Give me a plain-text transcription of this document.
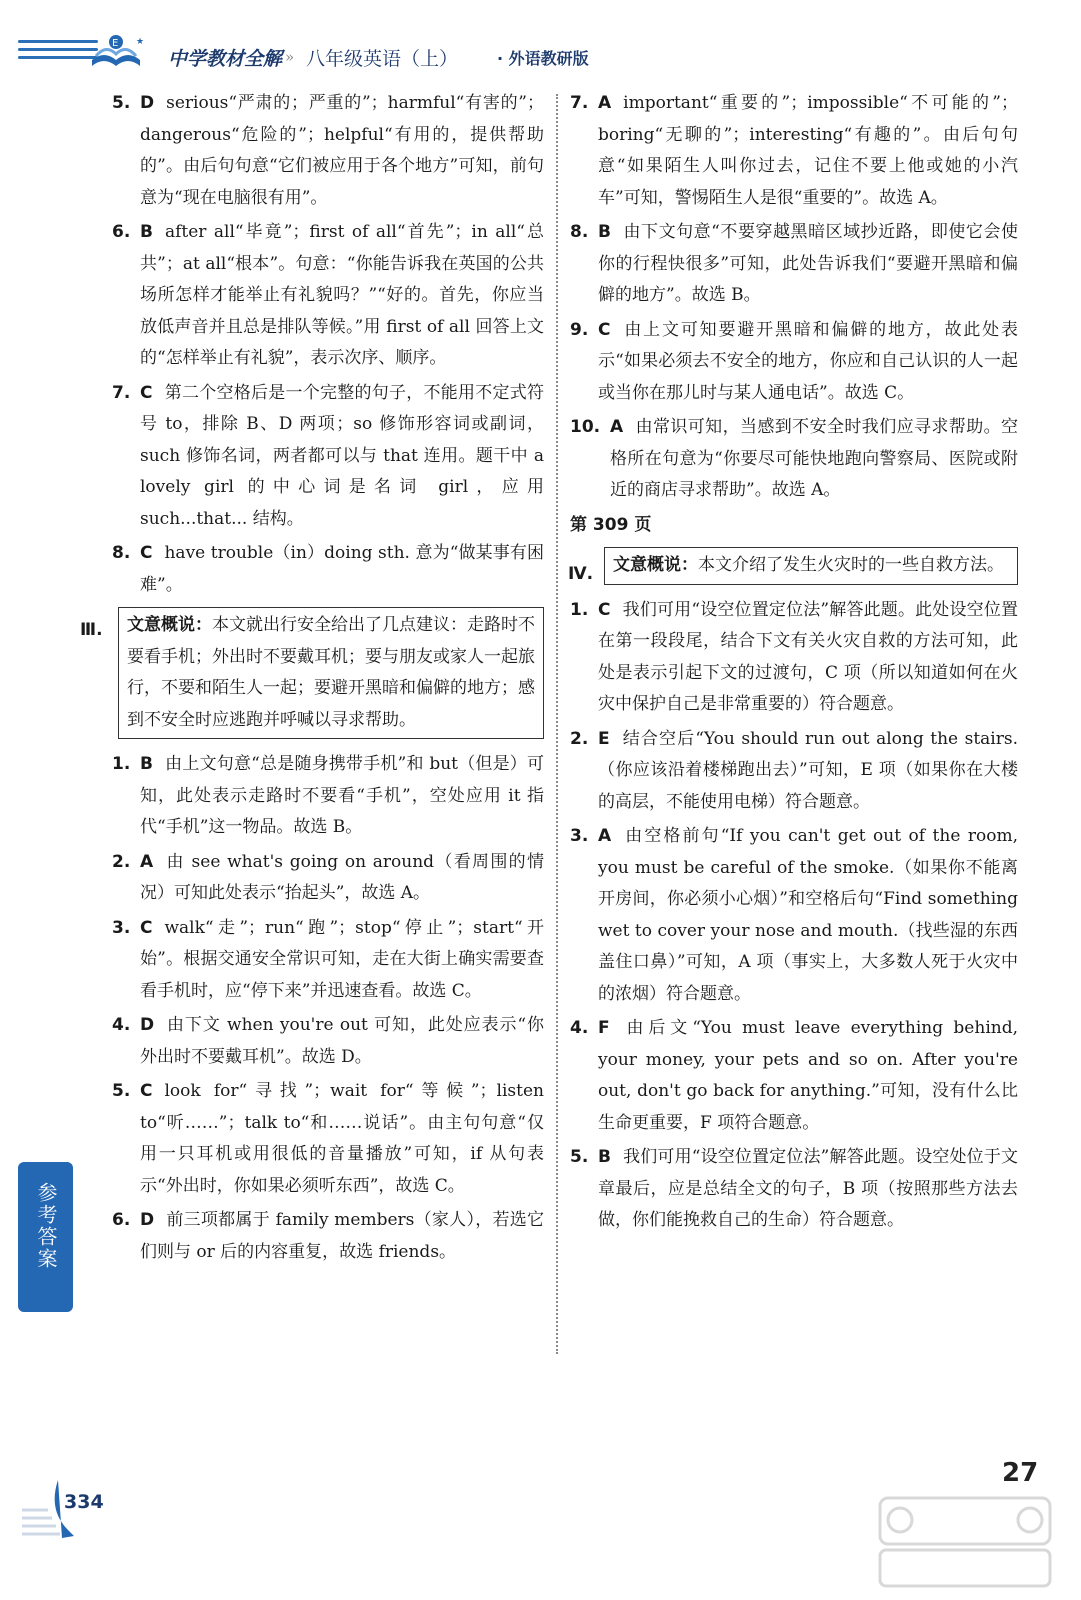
E ★
中学教材全解 » 八年级英语（上） · 外语教研版
5. D serious“严肃的；严重的”；harmful“有害的”；dangerous“危险的”；helpful“有用的，提供帮助的”。由后句句意“它们被应用于各个地方”可知，前句意为“现在电脑很有用”。
6. B after all“毕竟”；first of all“首先”；in all“总共”；at all“根本”。句意：“你能告诉我在英国的公共场所怎样才能举止有礼貌吗？”“好的。首先，你应当放低声音并且总是排队等候。”用 first of all 回答上文的“怎样举止有礼貌”，表示次序、顺序。
7. C 第二个空格后是一个完整的句子，不能用不定式符号 to，排除 B、D 两项；so 修饰形容词或副词，such 修饰名词，两者都可以与 that 连用。题干中 a lovely girl 的中心词是名词 girl，应用 such...that... 结构。
8. C have trouble（in）doing sth. 意为“做某事有困难”。
Ⅲ.	文意概说：本文就出行安全给出了几点建议：走路时不要看手机；外出时不要戴耳机；要与朋友或家人一起旅行，不要和陌生人一起；要避开黑暗和偏僻的地方；感到不安全时应逃跑并呼喊以寻求帮助。
1. B 由上文句意“总是随身携带手机”和 but（但是）可知，此处表示走路时不要看“手机”，空处应用 it 指代“手机”这一物品。故选 B。
2. A 由 see what's going on around（看周围的情况）可知此处表示“抬起头”，故选 A。
3. C walk“走”；run“跑”；stop“停止”；start“开始”。根据交通安全常识可知，走在大街上确实需要查看手机时，应“停下来”并迅速查看。故选 C。
4. D 由下文 when you're out 可知，此处应表示“你外出时不要戴耳机”。故选 D。
5. C look for“寻找”；wait for“等候”；listen to“听……”；talk to“和……说话”。由主句句意“仅用一只耳机或用很低的音量播放”可知，if 从句表示“外出时，你如果必须听东西”，故选 C。
6. D 前三项都属于 family members（家人），若选它们则与 or 后的内容重复，故选 friends。
7. A important“重要的”；impossible“不可能的”；boring“无聊的”；interesting“有趣的”。由后句句意“如果陌生人叫你过去，记住不要上他或她的小汽车”可知，警惕陌生人是很“重要的”。故选 A。
8. B 由下文句意“不要穿越黑暗区域抄近路，即使它会使你的行程快很多”可知，此处告诉我们“要避开黑暗和偏僻的地方”。故选 B。
9. C 由上文可知要避开黑暗和偏僻的地方，故此处表示“如果必须去不安全的地方，你应和自己认识的人一起或当你在那儿时与某人通电话”。故选 C。
10. A 由常识可知，当感到不安全时我们应寻求帮助。空格所在句意为“你要尽可能快地跑向警察局、医院或附近的商店寻求帮助”。故选 A。
第 309 页
Ⅳ.	文意概说：本文介绍了发生火灾时的一些自救方法。
1. C 我们可用“设空位置定位法”解答此题。此处设空位置在第一段段尾，结合下文有关火灾自救的方法可知，此处是表示引起下文的过渡句，C 项（所以知道如何在火灾中保护自己是非常重要的）符合题意。
2. E 结合空后“You should run out along the stairs.（你应该沿着楼梯跑出去）”可知，E 项（如果你在大楼的高层，不能使用电梯）符合题意。
3. A 由空格前句“If you can't get out of the room, you must be careful of the smoke.（如果你不能离开房间，你必须小心烟）”和空格后句“Find something wet to cover your nose and mouth.（找些湿的东西盖住口鼻）”可知，A 项（事实上，大多数人死于火灾中的浓烟）符合题意。
4. F 由后文“You must leave everything behind, your money, your pets and so on. After you're out, don't go back for anything.”可知，没有什么比生命更重要，F 项符合题意。
5. B 我们可用“设空位置定位法”解答此题。设空处位于文章最后，应是总结全文的句子，B 项（按照那些方法去做，你们能挽救自己的生命）符合题意。
参考答案
334
27
